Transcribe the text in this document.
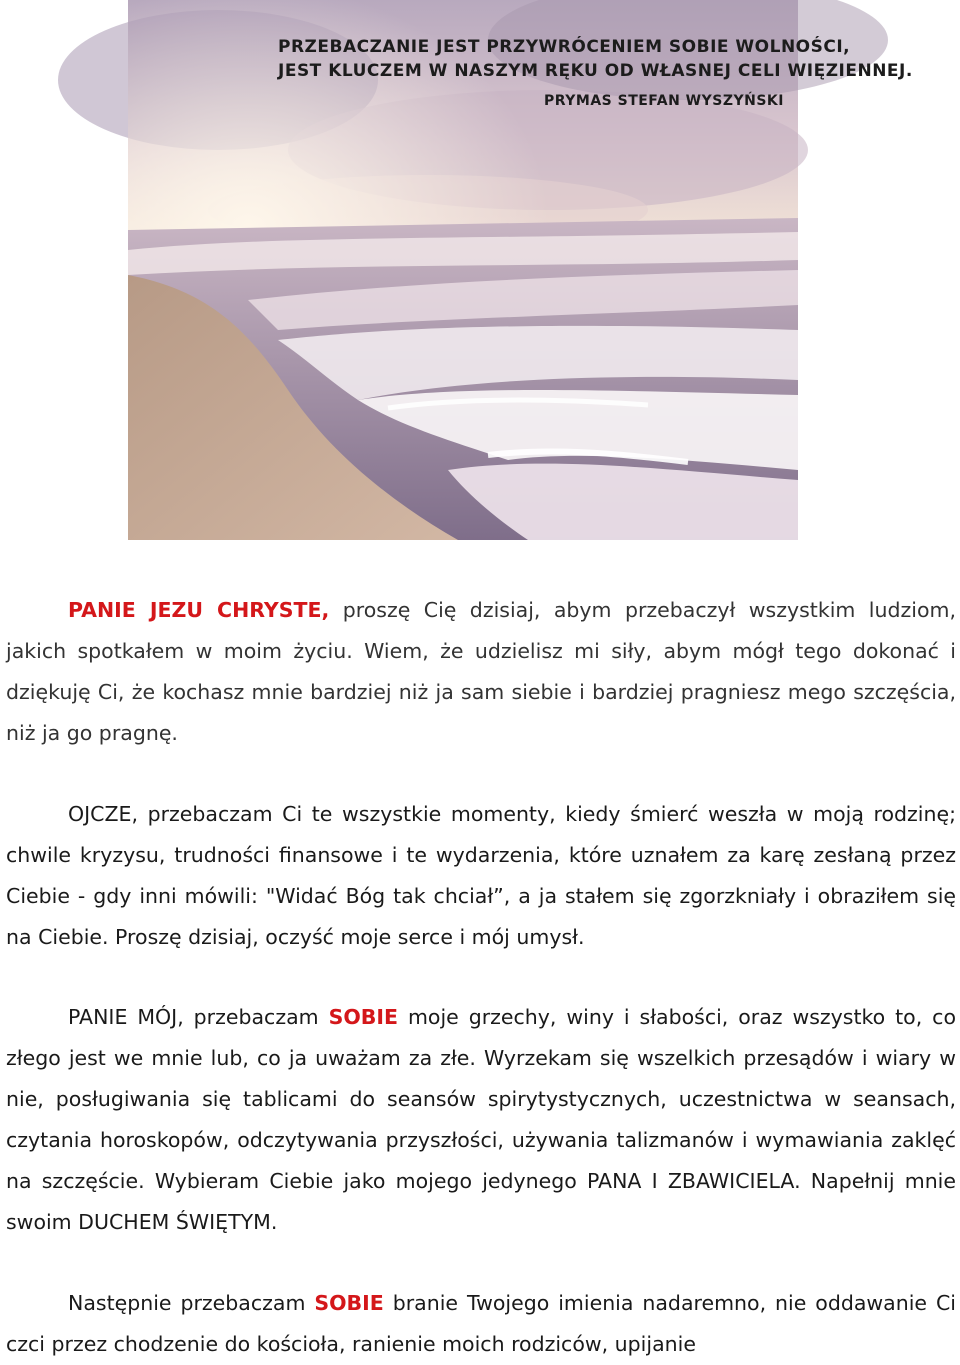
PRZEBACZANIE JEST PRZYWRÓCENIEM SOBIE WOLNOŚCI,
JEST KLUCZEM W NASZYM RĘKU OD WŁASNEJ CELI WIĘZIENNEJ.
PRYMAS STEFAN WYSZYŃSKI
PANIE JEZU CHRYSTE, proszę Cię dzisiaj, abym przebaczył wszystkim ludziom, jakich spotkałem w moim życiu. Wiem, że udzielisz mi siły, abym mógł tego dokonać i dziękuję Ci, że kochasz mnie bardziej niż ja sam siebie i bardziej pragniesz mego szczęścia, niż ja go pragnę.
OJCZE, przebaczam Ci te wszystkie momenty, kiedy śmierć weszła w moją rodzinę; chwile kryzysu, trudności finansowe i te wydarzenia, które uznałem za karę zesłaną przez Ciebie - gdy inni mówili: "Widać Bóg tak chciał”, a ja stałem się zgorzkniały i obraziłem się na Ciebie. Proszę dzisiaj, oczyść moje serce i mój umysł.
PANIE MÓJ, przebaczam SOBIE moje grzechy, winy i słabości, oraz wszystko to, co złego jest we mnie lub, co ja uważam za złe. Wyrzekam się wszelkich przesądów i wiary w nie, posługiwania się tablicami do seansów spirytystycznych, uczestnictwa w seansach, czytania horoskopów, odczytywania przyszłości, używania talizmanów i wymawiania zaklęć na szczęście. Wybieram Ciebie jako mojego jedynego PANA I ZBAWICIELA. Napełnij mnie swoim DUCHEM ŚWIĘTYM.
Następnie przebaczam SOBIE branie Twojego imienia nadaremno, nie oddawanie Ci czci przez chodzenie do kościoła, ranienie moich rodziców, upijanie
